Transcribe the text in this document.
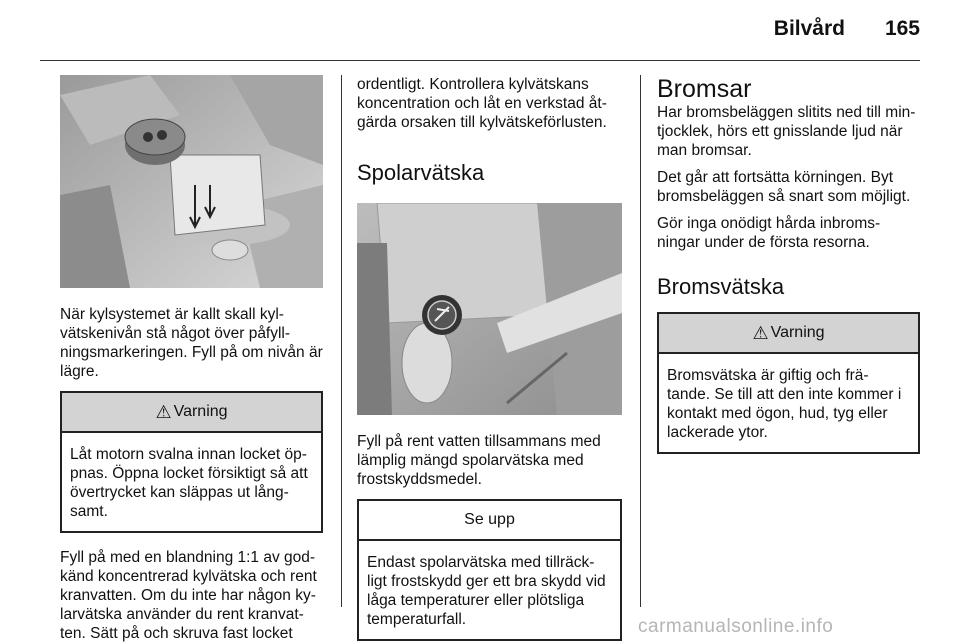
Bilvård 165

När kylsystemet är kallt skall kyl-vätskenivån stå något över påfyll-ningsmarkeringen. Fyll på om nivån är lägre.

⚠ Varning
Låt motorn svalna innan locket öp-pnas. Öppna locket försiktigt så att övertrycket kan släppas ut lång-samt.

Fyll på med en blandning 1:1 av god-känd koncentrerad kylvätska och rent kranvatten. Om du inte har någon ky-larvätska använder du rent kranvat-ten. Sätt på och skruva fast locket

ordentligt. Kontrollera kylvätskans koncentration och låt en verkstad åt-gärda orsaken till kylvätskeförlusten.

Spolarvätska

Fyll på rent vatten tillsammans med lämplig mängd spolarvätska med frostskyddsmedel.

Se upp
Endast spolarvätska med tillräck-ligt frostskydd ger ett bra skydd vid låga temperaturer eller plötsliga temperaturfall.
Bromsar

Har bromsbeläggen slitits ned till min-tjocklek, hörs ett gnisslande ljud när man bromsar.

Det går att fortsätta körningen. Byt bromsbeläggen så snart som möjligt.

Gör inga onödigt hårda inbroms-ningar under de första resorna.

Bromsvätska
⚠ Varning
Bromsvätska är giftig och frä-tande. Se till att den inte kommer i kontakt med ögon, hud, tyg eller lackerade ytor.
carmanualsonline.info
